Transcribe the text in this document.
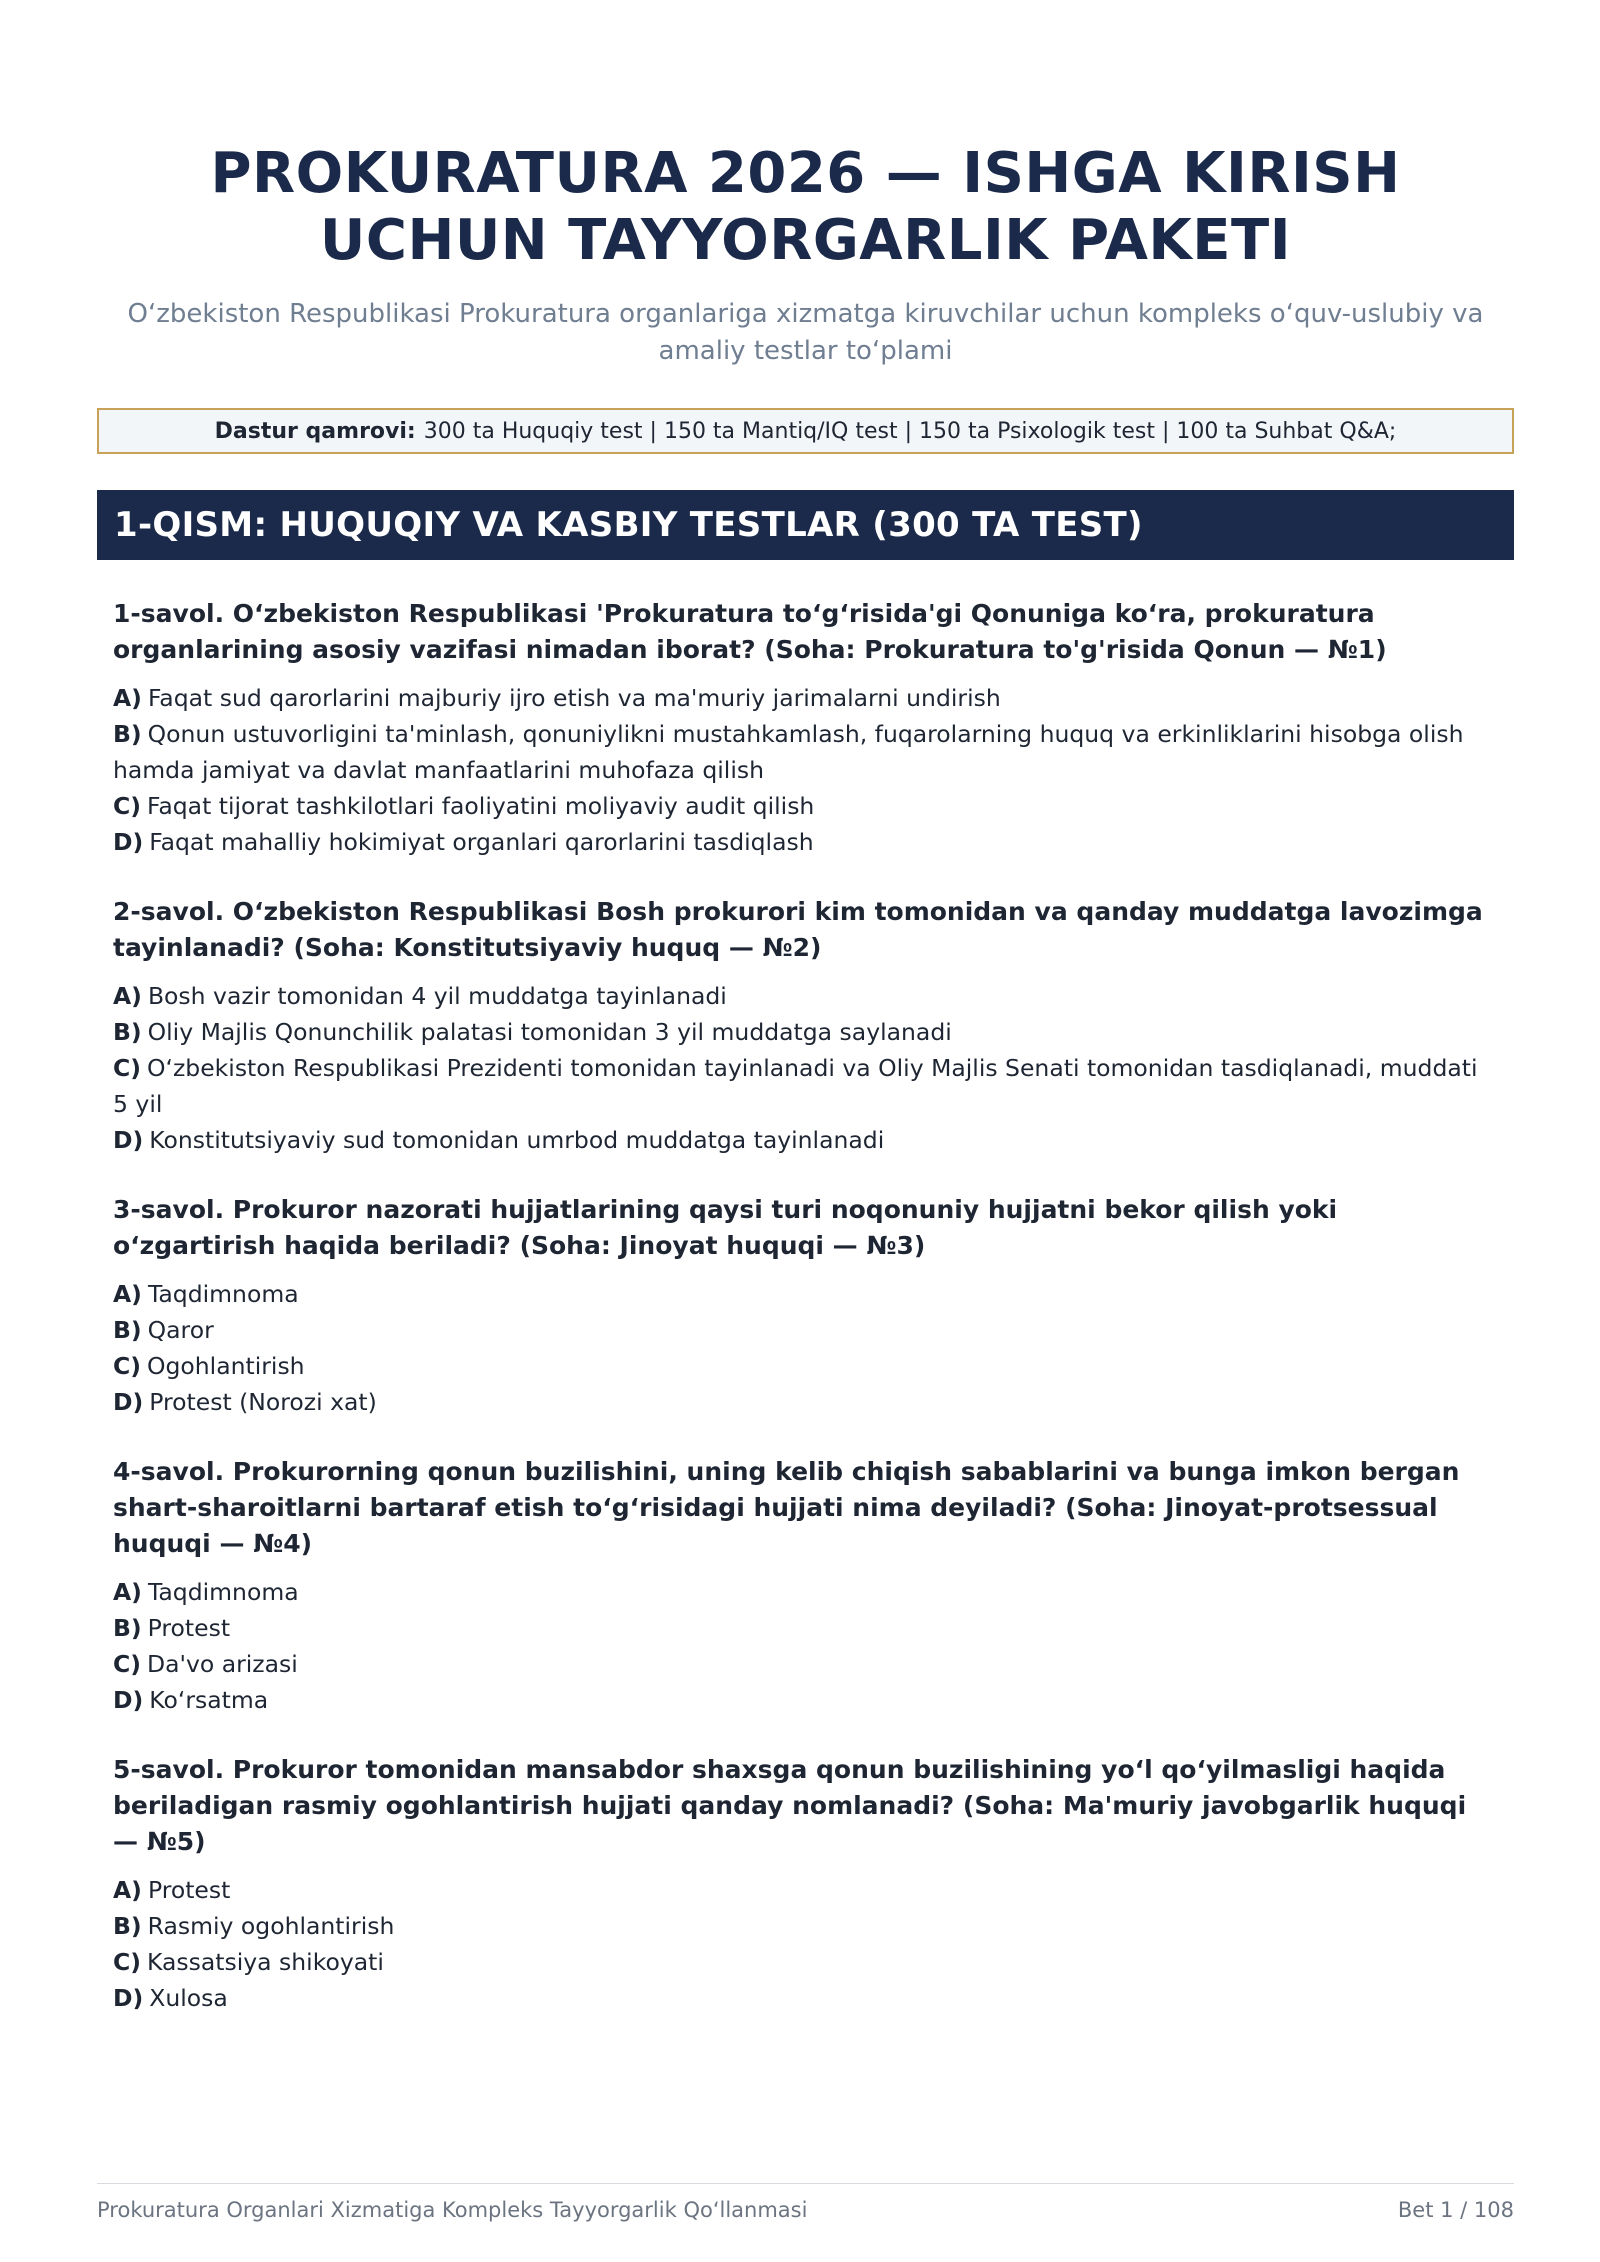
PROKURATURA 2026 — ISHGA KIRISH UCHUN TAYYORGARLIK PAKETI
O‘zbekiston Respublikasi Prokuratura organlariga xizmatga kiruvchilar uchun kompleks o‘quv-uslubiy va amaliy testlar to‘plami
Dastur qamrovi: 300 ta Huquqiy test | 150 ta Mantiq/IQ test | 150 ta Psixologik test | 100 ta Suhbat Q&A;
1-QISM: HUQUQIY VA KASBIY TESTLAR (300 TA TEST)

1-savol. O‘zbekiston Respublikasi 'Prokuratura to‘g‘risida'gi Qonuniga ko‘ra, prokuratura organlarining asosiy vazifasi nimadan iborat? (Soha: Prokuratura to'g'risida Qonun — №1)

A) Faqat sud qarorlarini majburiy ijro etish va ma'muriy jarimalarni undirish
B) Qonun ustuvorligini ta'minlash, qonuniylikni mustahkamlash, fuqarolarning huquq va erkinliklarini hisobga olish hamda jamiyat va davlat manfaatlarini muhofaza qilish
C) Faqat tijorat tashkilotlari faoliyatini moliyaviy audit qilish
D) Faqat mahalliy hokimiyat organlari qarorlarini tasdiqlash

2-savol. O‘zbekiston Respublikasi Bosh prokurori kim tomonidan va qanday muddatga lavozimga tayinlanadi? (Soha: Konstitutsiyaviy huquq — №2)

A) Bosh vazir tomonidan 4 yil muddatga tayinlanadi
B) Oliy Majlis Qonunchilik palatasi tomonidan 3 yil muddatga saylanadi
C) O‘zbekiston Respublikasi Prezidenti tomonidan tayinlanadi va Oliy Majlis Senati tomonidan tasdiqlanadi, muddati 5 yil
D) Konstitutsiyaviy sud tomonidan umrbod muddatga tayinlanadi

3-savol. Prokuror nazorati hujjatlarining qaysi turi noqonuniy hujjatni bekor qilish yoki o‘zgartirish haqida beriladi? (Soha: Jinoyat huquqi — №3)

A) Taqdimnoma
B) Qaror
C) Ogohlantirish
D) Protest (Norozi xat)

4-savol. Prokurorning qonun buzilishini, uning kelib chiqish sabablarini va bunga imkon bergan shart-sharoitlarni bartaraf etish to‘g‘risidagi hujjati nima deyiladi? (Soha: Jinoyat-protsessual huquqi — №4)

A) Taqdimnoma
B) Protest
C) Da'vo arizasi
D) Ko‘rsatma

5-savol. Prokuror tomonidan mansabdor shaxsga qonun buzilishining yo‘l qo‘yilmasligi haqida beriladigan rasmiy ogohlantirish hujjati qanday nomlanadi? (Soha: Ma'muriy javobgarlik huquqi — №5)

A) Protest
B) Rasmiy ogohlantirish
C) Kassatsiya shikoyati
D) Xulosa
Prokuratura Organlari Xizmatiga Kompleks Tayyorgarlik Qo‘llanmasi	Bet 1 / 108
